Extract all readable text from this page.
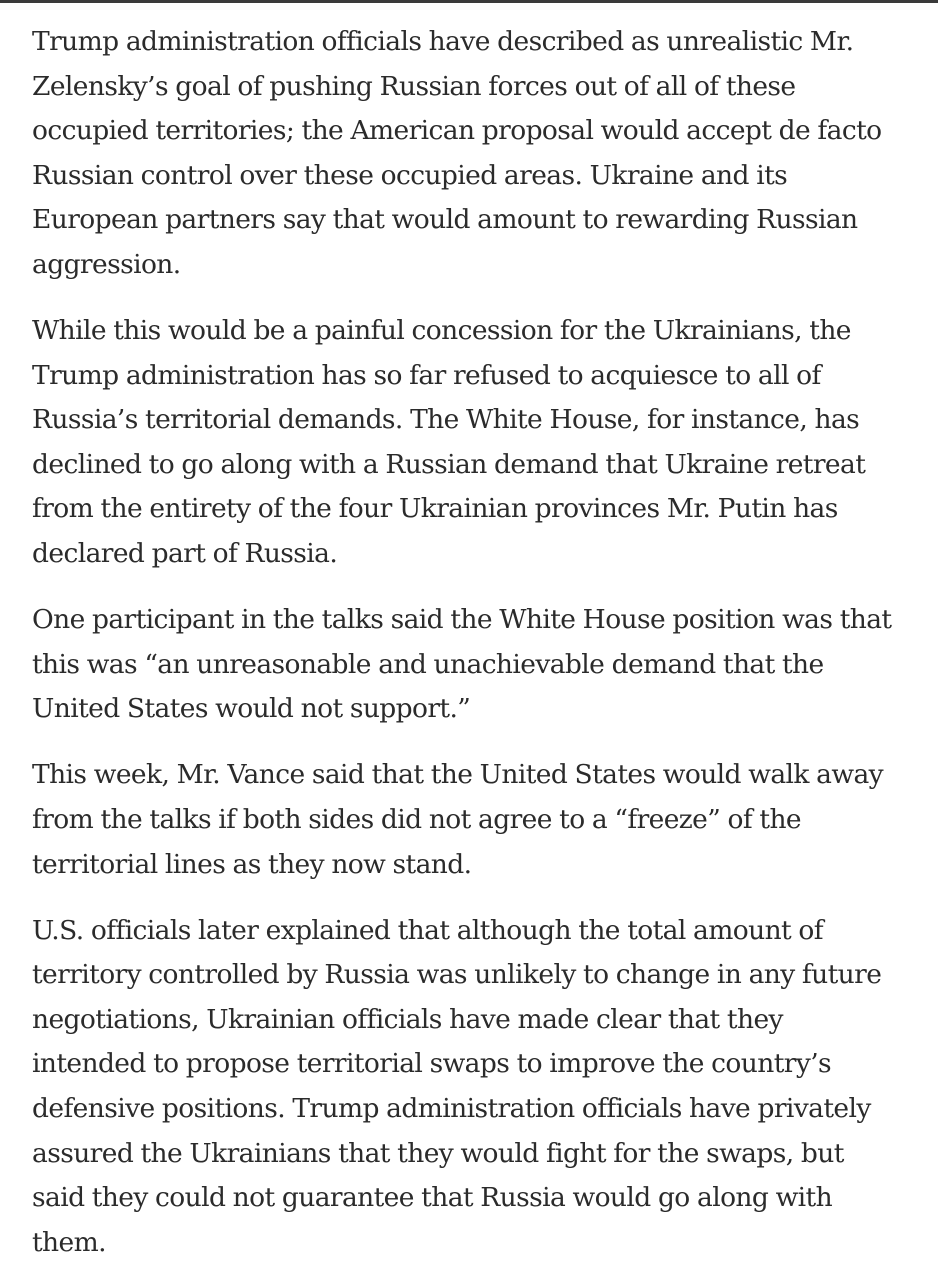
Trump administration officials have described as unrealistic Mr.
Zelensky’s goal of pushing Russian forces out of all of these
occupied territories; the American proposal would accept de facto
Russian control over these occupied areas. Ukraine and its
European partners say that would amount to rewarding Russian
aggression.

While this would be a painful concession for the Ukrainians, the
Trump administration has so far refused to acquiesce to all of
Russia’s territorial demands. The White House, for instance, has
declined to go along with a Russian demand that Ukraine retreat
from the entirety of the four Ukrainian provinces Mr. Putin has
declared part of Russia.

One participant in the talks said the White House position was that
this was “an unreasonable and unachievable demand that the
United States would not support.”

This week, Mr. Vance said that the United States would walk away
from the talks if both sides did not agree to a “freeze” of the
territorial lines as they now stand.

U.S. officials later explained that although the total amount of
territory controlled by Russia was unlikely to change in any future
negotiations, Ukrainian officials have made clear that they
intended to propose territorial swaps to improve the country’s
defensive positions. Trump administration officials have privately
assured the Ukrainians that they would fight for the swaps, but
said they could not guarantee that Russia would go along with
them.
